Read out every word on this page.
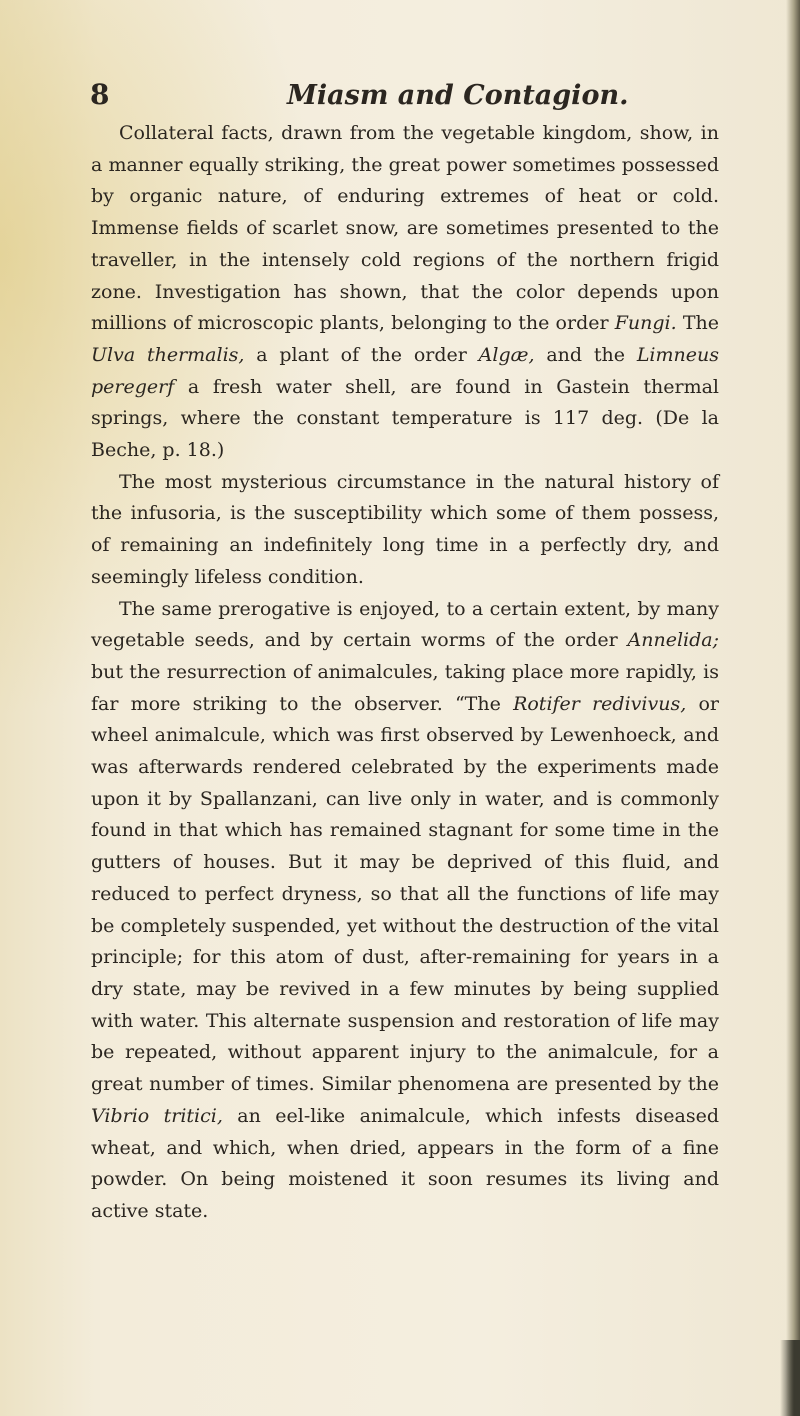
8	Miasm and Contagion.

Collateral facts, drawn from the vegetable kingdom, show, in a manner equally striking, the great power sometimes possessed by organic nature, of enduring extremes of heat or cold. Immense fields of scarlet snow, are sometimes presented to the traveller, in the intensely cold regions of the northern frigid zone. Investigation has shown, that the color depends upon millions of microscopic plants, belonging to the order Fungi. The Ulva thermalis, a plant of the order Algæ, and the Limneus peregerf a fresh water shell, are found in Gastein thermal springs, where the constant temperature is 117 deg. (De la Beche, p. 18.)

The most mysterious circumstance in the natural history of the infusoria, is the susceptibility which some of them possess, of remaining an indefinitely long time in a perfectly dry, and seemingly lifeless condition.

The same prerogative is enjoyed, to a certain extent, by many vegetable seeds, and by certain worms of the order Annelida; but the resurrection of animalcules, taking place more rapidly, is far more striking to the observer. “The Rotifer redivivus, or wheel animalcule, which was first observed by Lewenhoeck, and was afterwards rendered celebrated by the experiments made upon it by Spallanzani, can live only in water, and is commonly found in that which has remained stagnant for some time in the gutters of houses. But it may be deprived of this fluid, and reduced to perfect dryness, so that all the functions of life may be completely suspended, yet without the destruction of the vital principle; for this atom of dust, after-remaining for years in a dry state, may be revived in a few minutes by being supplied with water. This alternate suspension and restoration of life may be repeated, without apparent injury to the animalcule, for a great number of times. Similar phenomena are presented by the Vibrio tritici, an eel-like animalcule, which infests diseased wheat, and which, when dried, appears in the form of a fine powder. On being moistened it soon resumes its living and active state.
